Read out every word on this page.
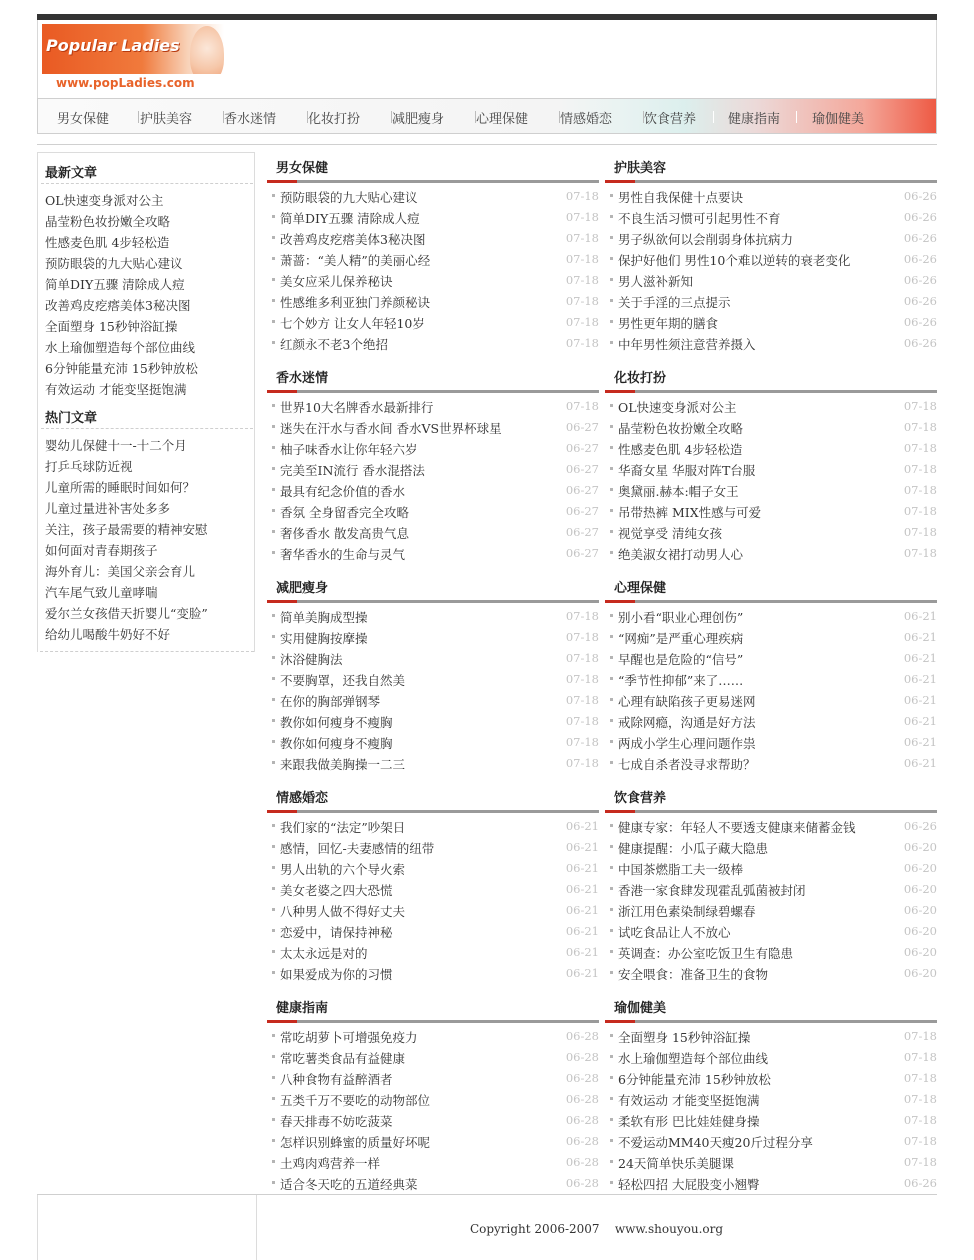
Popular Ladies
www.popLadies.com
男女保健 护肤美容 香水迷情 化妆打扮 减肥瘦身 心理保健 情感婚恋 饮食营养 健康指南 瑜伽健美
最新文章
OL快速变身派对公主
晶莹粉色妆扮嫩全攻略
性感麦色肌 4步轻松造
预防眼袋的九大贴心建议
简单DIY五骤 清除成人痘
改善鸡皮疙瘩美体3秘决图
全面塑身 15秒钟浴缸操
水上瑜伽塑造每个部位曲线
6分钟能量充沛 15秒钟放松
有效运动 才能变坚挺饱满
热门文章
婴幼儿保健十一-十二个月
打乒乓球防近视
儿童所需的睡眠时间如何？
儿童过量进补害处多多
关注，孩子最需要的精神安慰
如何面对青春期孩子
海外育儿：美国父亲会育儿
汽车尾气致儿童哮喘
爱尔兰女孩借天折婴儿“变脸”
给幼儿喝酸牛奶好不好
男女保健
预防眼袋的九大贴心建议	07-18
简单DIY五骤 清除成人痘	07-18
改善鸡皮疙瘩美体3秘决图	07-18
萧蔷：“美人精”的美丽心经	07-18
美女应采儿保养秘诀	07-18
性感维多利亚独门养颜秘诀	07-18
七个妙方 让女人年轻10岁	07-18
红颜永不老3个绝招	07-18
护肤美容
男性自我保健十点要诀	06-26
不良生活习惯可引起男性不育	06-26
男子纵欲何以会削弱身体抗病力	06-26
保护好他们 男性10个难以逆转的衰老变化	06-26
男人滋补新知	06-26
关于手淫的三点提示	06-26
男性更年期的膳食	06-26
中年男性须注意营养摄入	06-26
香水迷情
世界10大名牌香水最新排行	07-18
迷失在汗水与香水间 香水VS世界杯球星	06-27
柚子味香水让你年轻六岁	06-27
完美至IN流行 香水混搭法	06-27
最具有纪念价值的香水	06-27
香氛 全身留香完全攻略	06-27
奢侈香水 散发高贵气息	06-27
奢华香水的生命与灵气	06-27
化妆打扮
OL快速变身派对公主	07-18
晶莹粉色妆扮嫩全攻略	07-18
性感麦色肌 4步轻松造	07-18
华裔女星 华服对阵T台服	07-18
奥黛丽.赫本:帽子女王	07-18
吊带热裤 MIX性感与可爱	07-18
视觉享受 清纯女孩	07-18
绝美淑女裙打动男人心	07-18
减肥瘦身
简单美胸成型操	07-18
实用健胸按摩操	07-18
沐浴健胸法	07-18
不要胸罩，还我自然美	07-18
在你的胸部弹钢琴	07-18
教你如何瘦身不瘦胸	07-18
教你如何瘦身不瘦胸	07-18
来跟我做美胸操一二三	07-18
心理保健
别小看“职业心理创伤”	06-21
“网痴”是严重心理疾病	06-21
早醒也是危险的“信号”	06-21
“季节性抑郁”来了……	06-21
心理有缺陷孩子更易迷网	06-21
戒除网瘾，沟通是好方法	06-21
两成小学生心理问题作祟	06-21
七成自杀者没寻求帮助？	06-21
情感婚恋
我们家的“法定”吵架日	06-21
感情，回忆-夫妻感情的纽带	06-21
男人出轨的六个导火索	06-21
美女老婆之四大恐慌	06-21
八种男人做不得好丈夫	06-21
恋爱中，请保持神秘	06-21
太太永远是对的	06-21
如果爱成为你的习惯	06-21
饮食营养
健康专家：年轻人不要透支健康来储蓄金钱	06-26
健康提醒：小瓜子藏大隐患	06-20
中国茶燃脂工夫一级棒	06-20
香港一家食肆发现霍乱弧菌被封闭	06-20
浙江用色素染制绿碧螺春	06-20
试吃食品让人不放心	06-20
英调查：办公室吃饭卫生有隐患	06-20
安全喂食：准备卫生的食物	06-20
健康指南
常吃胡萝卜可增强免疫力	06-28
常吃薯类食品有益健康	06-28
八种食物有益醉酒者	06-28
五类千万不要吃的动物部位	06-28
春天排毒不妨吃菠菜	06-28
怎样识别蜂蜜的质量好坏呢	06-28
土鸡肉鸡营养一样	06-28
适合冬天吃的五道经典菜	06-28
瑜伽健美
全面塑身 15秒钟浴缸操	07-18
水上瑜伽塑造每个部位曲线	07-18
6分钟能量充沛 15秒钟放松	07-18
有效运动 才能变坚挺饱满	07-18
柔软有形 巴比娃娃健身操	07-18
不爱运动MM40天瘦20斤过程分享	07-18
24天简单快乐美腿课	07-18
轻松四招 大屁股变小翘臀	06-26
Copyright 2006-2007    www.shouyou.org
